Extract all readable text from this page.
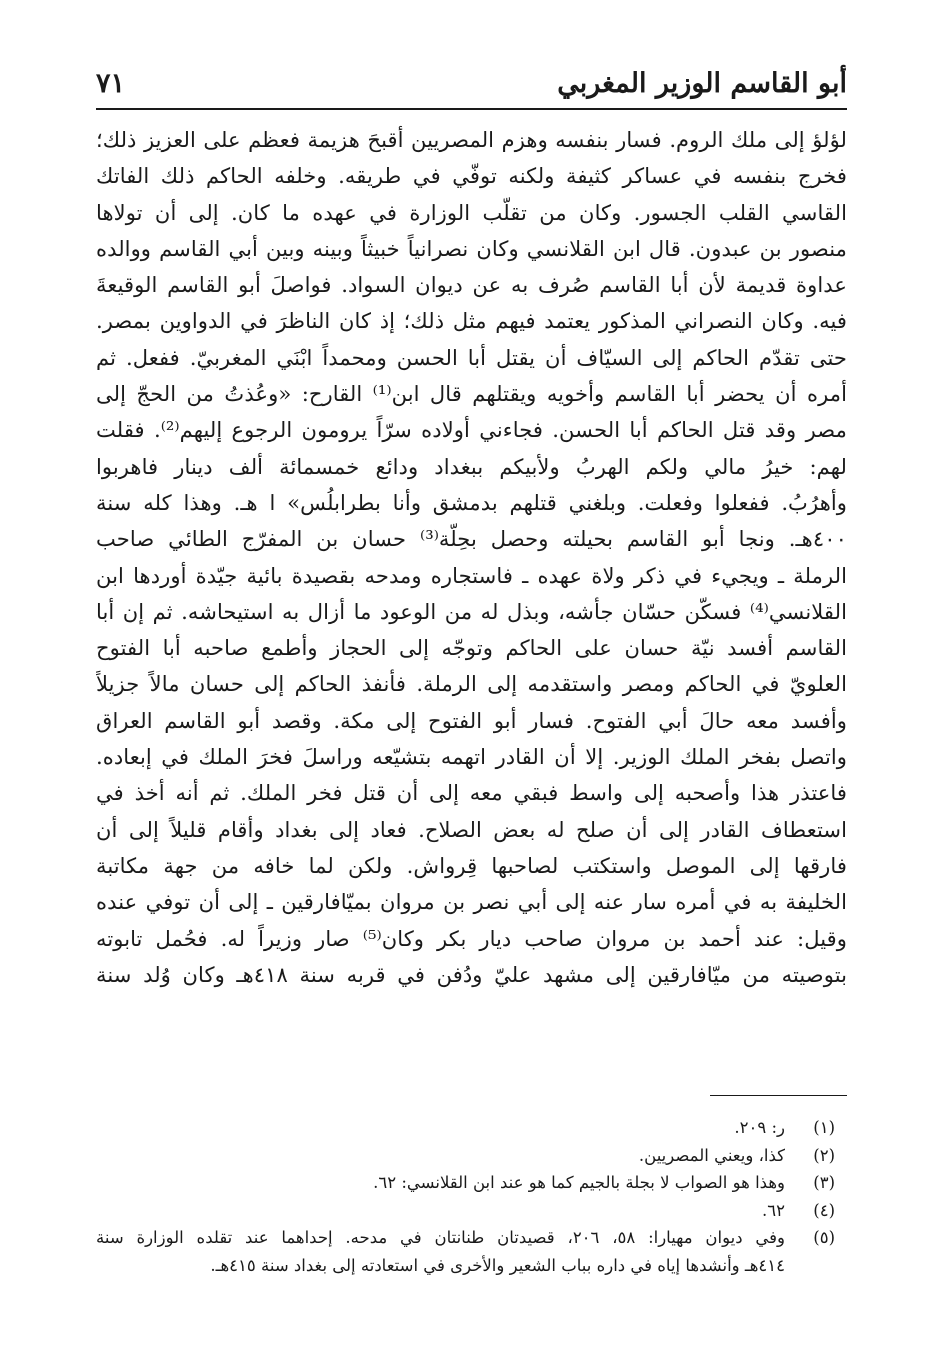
أبو القاسم الوزير المغربي
٧١
لؤلؤ إلى ملك الروم. فسار بنفسه وهزم المصريين أقبحَ هزيمة فعظم على العزيز ذلك؛
فخرج بنفسه في عساكر كثيفة ولكنه توفّي في طريقه. وخلفه الحاكم ذلك الفاتك
القاسي القلب الجسور. وكان من تقلّب الوزارة في عهده ما كان. إلى أن تولاها
منصور بن عبدون. قال ابن القلانسي وكان نصرانياً خبيثاً وبينه وبين أبي القاسم ووالده
عداوة قديمة لأن أبا القاسم صُرف به عن ديوان السواد. فواصلَ أبو القاسم الوقيعةَ
فيه. وكان النصراني المذكور يعتمد فيهم مثل ذلك؛ إذ كان الناظرَ في الدواوين بمصر.
حتى تقدّم الحاكم إلى السيّاف أن يقتل أبا الحسن ومحمداً ابْنَي المغربيّ. ففعل. ثم
أمره أن يحضر أبا القاسم وأخويه ويقتلهم قال ابن⁽¹⁾ القارح: «وعُذتُ من الحجّ إلى
مصر وقد قتل الحاكم أبا الحسن. فجاءني أولاده سرّاً يرومون الرجوع إليهم⁽²⁾. فقلت
لهم: خيرُ مالي ولكم الهربُ ولأبيكم ببغداد ودائع خمسمائة ألف دينار فاهربوا
وأهرُبُ. ففعلوا وفعلت. وبلغني قتلهم بدمشق وأنا بطرابلُس» ا هـ. وهذا كله سنة
٤٠٠هـ. ونجا أبو القاسم بحيلته وحصل بحِلّة⁽³⁾ حسان بن المفرّج الطائي صاحب
الرملة ـ ويجيء في ذكر ولاة عهده ـ فاستجاره ومدحه بقصيدة بائية جيّدة أوردها ابن
القلانسي⁽⁴⁾ فسكّن حسّان جأشه، وبذل له من الوعود ما أزال به استيحاشه. ثم إن أبا
القاسم أفسد نيّة حسان على الحاكم وتوجّه إلى الحجاز وأطمع صاحبه أبا الفتوح
العلويّ في الحاكم ومصر واستقدمه إلى الرملة. فأنفذ الحاكم إلى حسان مالاً جزيلاً
وأفسد معه حالَ أبي الفتوح. فسار أبو الفتوح إلى مكة. وقصد أبو القاسم العراق
واتصل بفخر الملك الوزير. إلا أن القادر اتهمه بتشيّعه وراسلَ فخرَ الملك في إبعاده.
فاعتذر هذا وأصحبه إلى واسط فبقي معه إلى أن قتل فخر الملك. ثم أنه أخذ في
استعطاف القادر إلى أن صلح له بعض الصلاح. فعاد إلى بغداد وأقام قليلاً إلى أن
فارقها إلى الموصل واستكتب لصاحبها قِرواش. ولكن لما خافه من جهة مكاتبة
الخليفة به في أمره سار عنه إلى أبي نصر بن مروان بميّافارقين ـ إلى أن توفي عنده
وقيل: عند أحمد بن مروان صاحب ديار بكر وكان⁽⁵⁾ صار وزيراً له. فحُمل تابوته
بتوصيته من ميّافارقين إلى مشهد عليّ ودُفن في قربه سنة ٤١٨هـ وكان وُلد سنة
(١)
ر: ٢٠٩.
(٢)
كذا، ويعني المصريين.
(٣)
وهذا هو الصواب لا بجلة بالجيم كما هو عند ابن القلانسي: ٦٢.
(٤)
٦٢.
(٥)
وفي ديوان مهيارا: ٥٨، ٢٠٦، قصيدتان طنانتان في مدحه. إحداهما عند تقلده الوزارة سنة
٤١٤هـ وأنشدها إياه في داره بباب الشعير والأخرى في استعادته إلى بغداد سنة ٤١٥هـ.
